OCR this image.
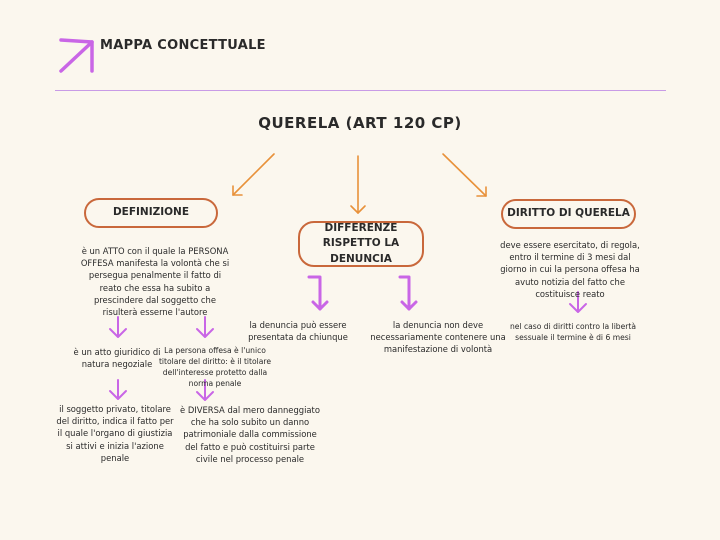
MAPPA CONCETTUALE
QUERELA (ART 120 CP)
DEFINIZIONE
è un ATTO con il quale la PERSONA OFFESA manifesta la volontà che si persegua penalmente il fatto di reato che essa ha subito a prescindere dal soggetto che risulterà esserne l'autore
è un atto giuridico di natura negoziale
il soggetto privato, titolare del diritto, indica il fatto per il quale l'organo di giustizia si attivi e inizia l'azione penale
La persona offesa è l'unico titolare del diritto: è il titolare dell'interesse protetto dalla norma penale
è DIVERSA dal mero danneggiato che ha solo subito un danno patrimoniale dalla commissione del fatto e può costituirsi parte civile nel processo penale
DIFFERENZE RISPETTO LA DENUNCIA
la denuncia può essere presentata da chiunque
la denuncia non deve necessariamente contenere una manifestazione di volontà
DIRITTO DI QUERELA
deve essere esercitato, di regola, entro il termine di 3 mesi dal giorno in cui la persona offesa ha avuto notizia del fatto che costituisce reato
nel caso di diritti contro la libertà sessuale il termine è di 6 mesi
